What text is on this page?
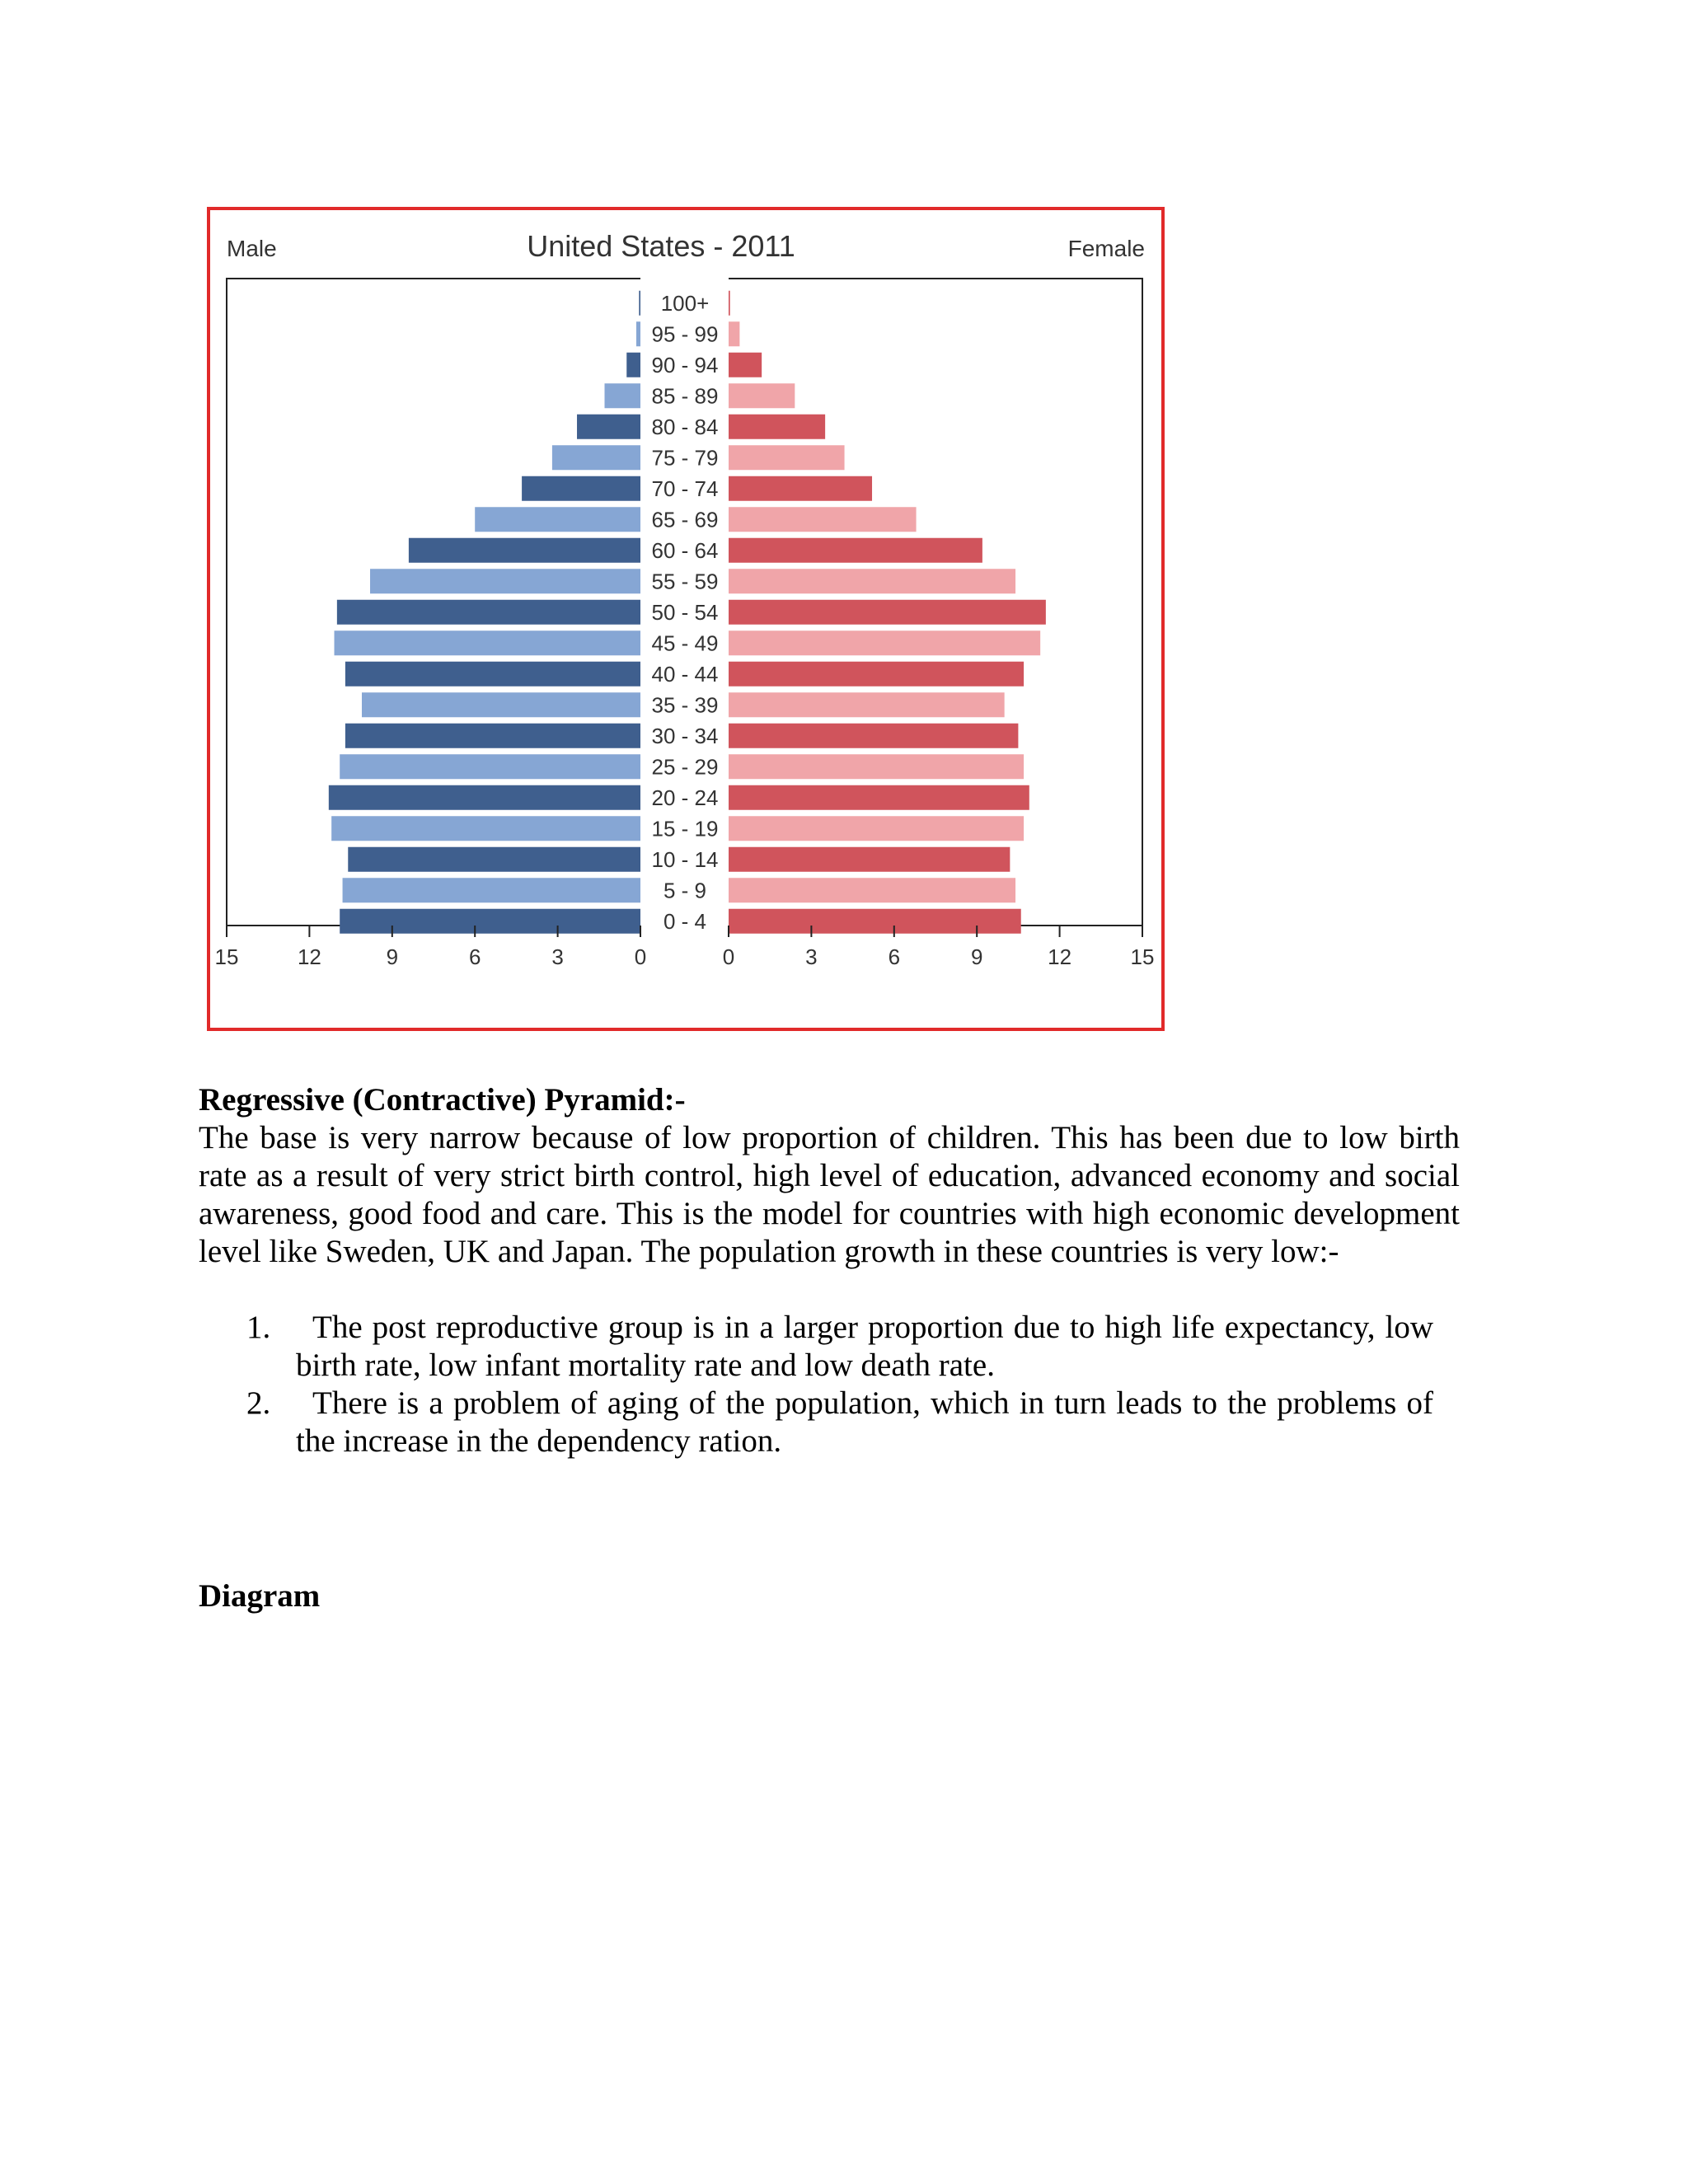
United States - 2011
Male	Female
100+
95 - 99
90 - 94
85 - 89
80 - 84
75 - 79
70 - 74
65 - 69
60 - 64
55 - 59
50 - 54
45 - 49
40 - 44
35 - 39
30 - 34
25 - 29
20 - 24
15 - 19
10 - 14
5 - 9
0 - 4
15	12	9	6	3	0	0	3	6	9	12	15
Regressive (Contractive) Pyramid:-
The base is very narrow because of low proportion of children. This has been due to low birth rate as a result of very strict birth control, high level of education, advanced economy and social awareness, good food and care. This is the model for countries with high economic development level like Sweden, UK and Japan. The population growth in these countries is very low:-
1.	The post reproductive group is in a larger proportion due to high life expectancy, low birth rate, low infant mortality rate and low death rate.
2.	There is a problem of aging of the population, which in turn leads to the problems of the increase in the dependency ration.
Diagram
